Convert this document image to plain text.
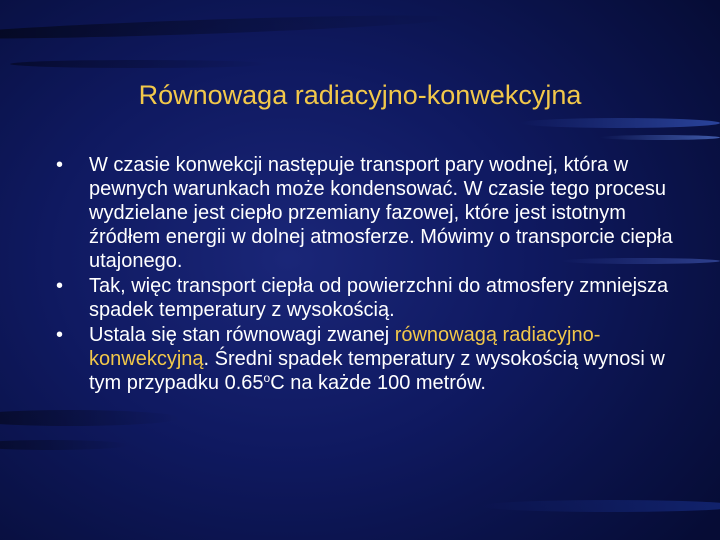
Równowaga radiacyjno-konwekcyjna
• W czasie konwekcji następuje transport pary wodnej, która w pewnych warunkach może kondensować. W czasie tego procesu wydzielane jest ciepło przemiany fazowej, które jest istotnym źródłem energii w dolnej atmosferze. Mówimy o transporcie ciepła utajonego.
• Tak, więc transport ciepła od powierzchni do atmosfery zmniejsza spadek temperatury z wysokością.
• Ustala się stan równowagi zwanej równowagą radiacyjno-konwekcyjną. Średni spadek temperatury z wysokością wynosi w tym przypadku 0.65$^o$C na każde 100 metrów.
